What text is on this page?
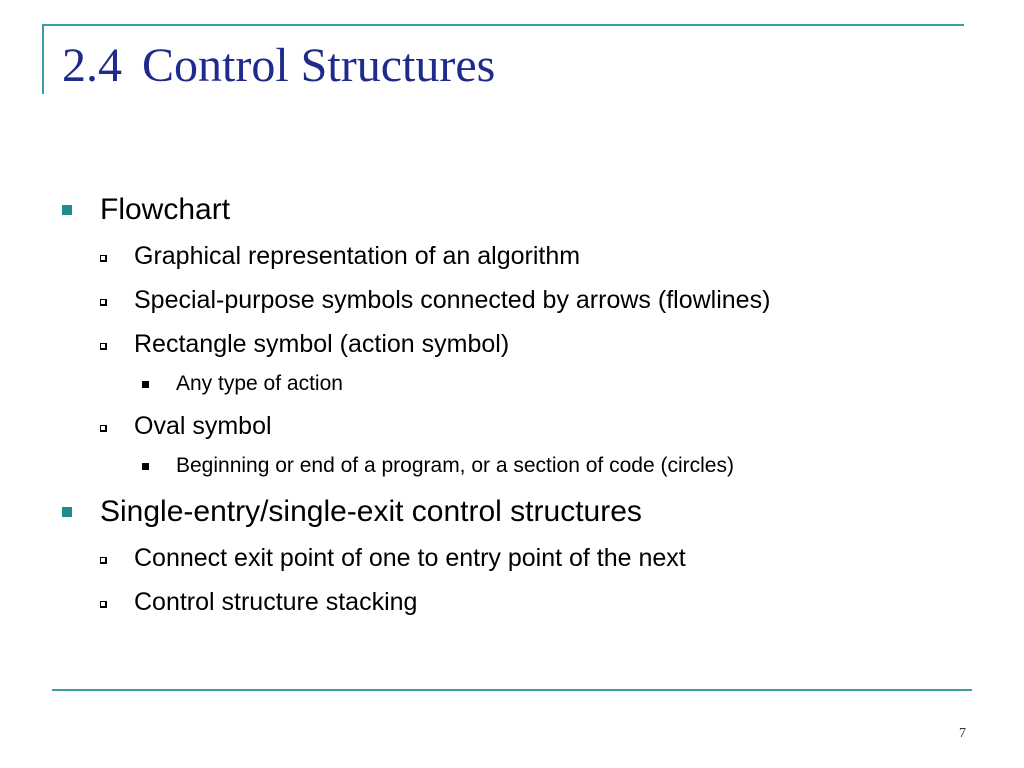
2.4 Control Structures
Flowchart
Graphical representation of an algorithm
Special-purpose symbols connected by arrows (flowlines)
Rectangle symbol (action symbol)
Any type of action
Oval symbol
Beginning or end of a program, or a section of code (circles)
Single-entry/single-exit control structures
Connect exit point of one to entry point of the next
Control structure stacking
7
